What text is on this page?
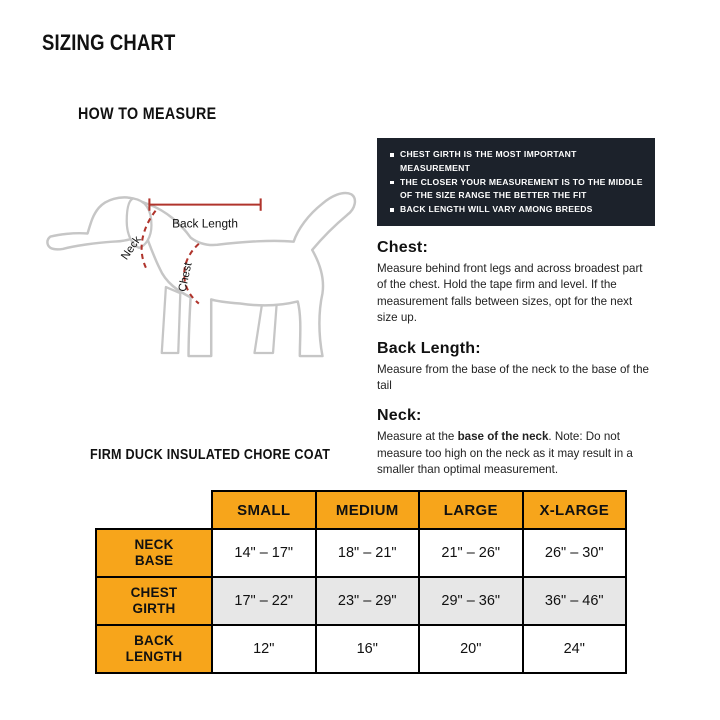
SIZING CHART
HOW TO MEASURE
Back Length
Neck
Chest
CHEST GIRTH IS THE MOST IMPORTANT MEASUREMENT
THE CLOSER YOUR MEASUREMENT IS TO THE MIDDLE OF THE SIZE RANGE THE BETTER THE FIT
BACK LENGTH WILL VARY AMONG BREEDS
Chest:

Measure behind front legs and across broadest part of the chest. Hold the tape firm and level. If the measurement falls between sizes, opt for the next size up.

Back Length:

Measure from the base of the neck to the base of the tail

Neck:

Measure at the base of the neck. Note: Do not measure too high on the neck as it may result in a smaller than optimal measurement.

FIRM DUCK INSULATED CHORE COAT
	SMALL	MEDIUM	LARGE	X-LARGE

NECK BASE	14" – 17"	18" – 21"	21" – 26"	26" – 30"

CHEST GIRTH	17" – 22"	23" – 29"	29" – 36"	36" – 46"

BACK LENGTH	12"	16"	20"	24"
